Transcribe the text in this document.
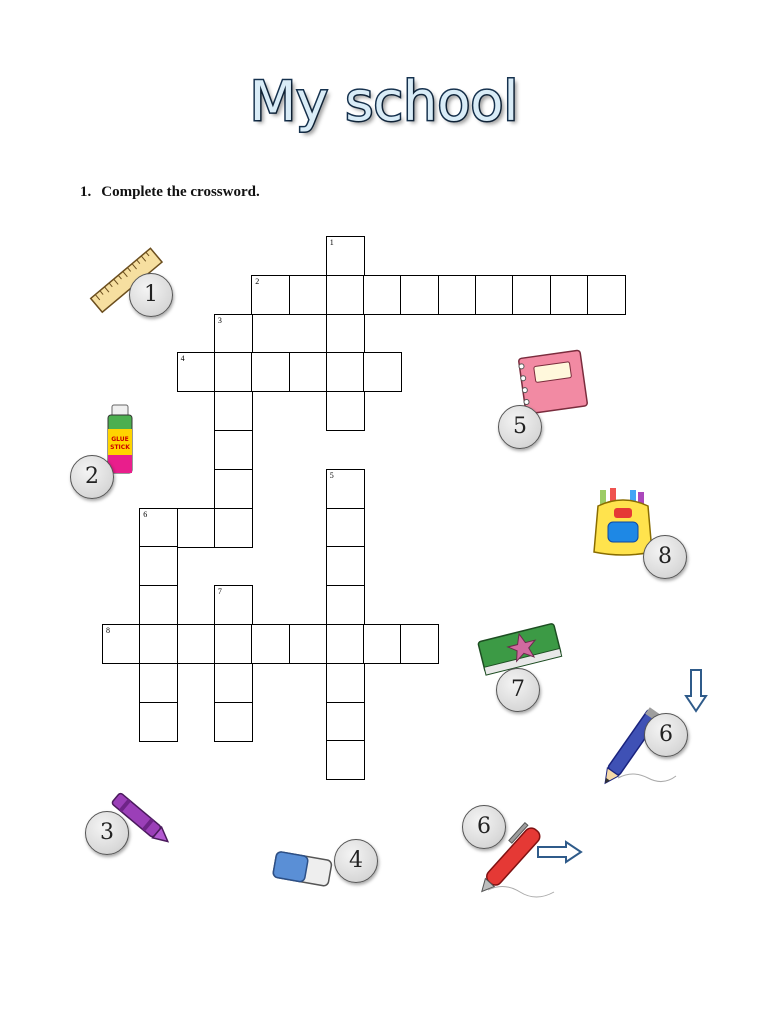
My school
1. Complete the crossword.
1
2
3
4
5
6
7
8
1
GLUE
STICK
2
3
4
5
8
7
6
6
